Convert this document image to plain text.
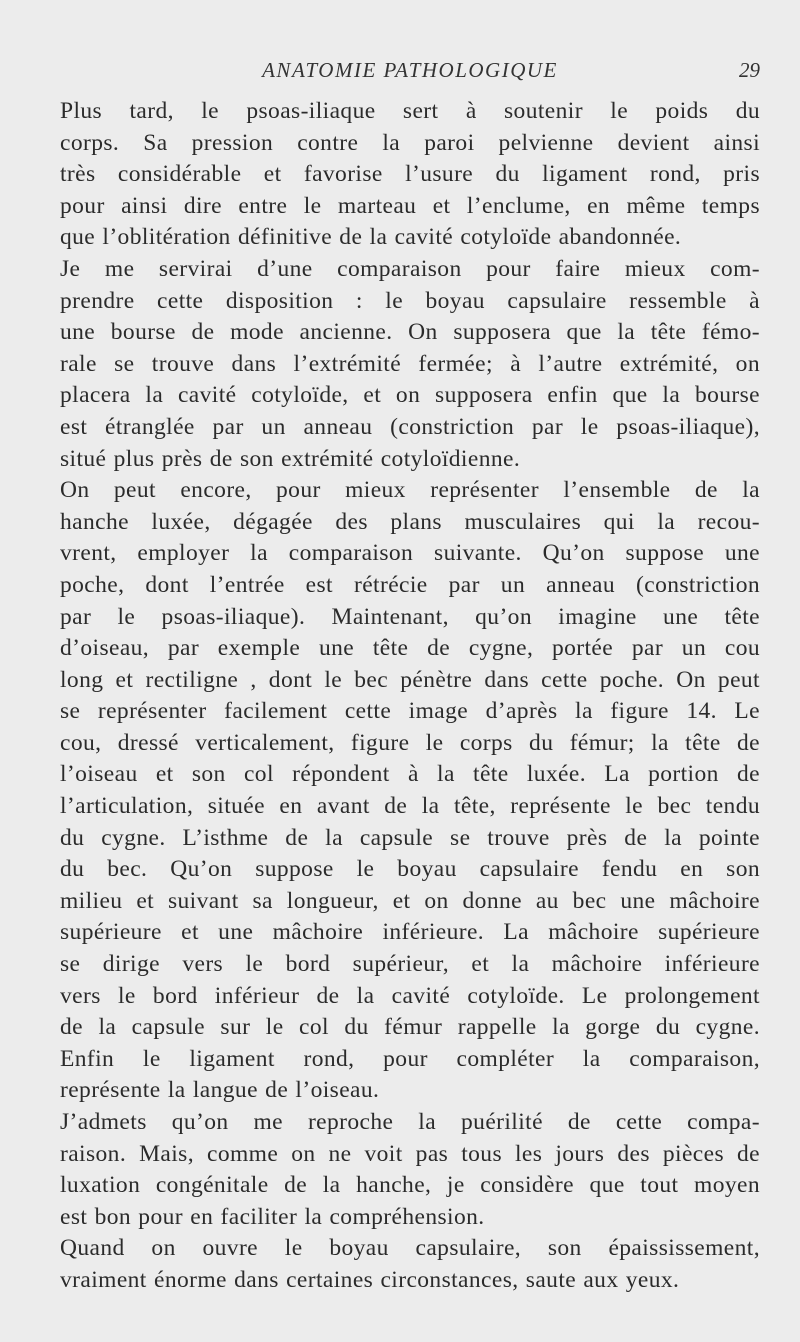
ANATOMIE PATHOLOGIQUE	29

Plus tard, le psoas-iliaque sert à soutenir le poids du
corps. Sa pression contre la paroi pelvienne devient ainsi
très considérable et favorise l’usure du ligament rond, pris
pour ainsi dire entre le marteau et l’enclume, en même temps
que l’oblitération définitive de la cavité cotyloïde abandonnée.

Je me servirai d’une comparaison pour faire mieux com-
prendre cette disposition : le boyau capsulaire ressemble à
une bourse de mode ancienne. On supposera que la tête fémo-
rale se trouve dans l’extrémité fermée; à l’autre extrémité, on
placera la cavité cotyloïde, et on supposera enfin que la bourse
est étranglée par un anneau (constriction par le psoas-iliaque),
situé plus près de son extrémité cotyloïdienne.

On peut encore, pour mieux représenter l’ensemble de la
hanche luxée, dégagée des plans musculaires qui la recou-
vrent, employer la comparaison suivante. Qu’on suppose une
poche, dont l’entrée est rétrécie par un anneau (constriction
par le psoas-iliaque). Maintenant, qu’on imagine une tête
d’oiseau, par exemple une tête de cygne, portée par un cou
long et rectiligne , dont le bec pénètre dans cette poche. On peut
se représenter facilement cette image d’après la figure 14. Le
cou, dressé verticalement, figure le corps du fémur; la tête de
l’oiseau et son col répondent à la tête luxée. La portion de
l’articulation, située en avant de la tête, représente le bec tendu
du cygne. L’isthme de la capsule se trouve près de la pointe
du bec. Qu’on suppose le boyau capsulaire fendu en son
milieu et suivant sa longueur, et on donne au bec une mâchoire
supérieure et une mâchoire inférieure. La mâchoire supérieure
se dirige vers le bord supérieur, et la mâchoire inférieure
vers le bord inférieur de la cavité cotyloïde. Le prolongement
de la capsule sur le col du fémur rappelle la gorge du cygne.
Enfin le ligament rond, pour compléter la comparaison,
représente la langue de l’oiseau.

J’admets qu’on me reproche la puérilité de cette compa-
raison. Mais, comme on ne voit pas tous les jours des pièces de
luxation congénitale de la hanche, je considère que tout moyen
est bon pour en faciliter la compréhension.

Quand on ouvre le boyau capsulaire, son épaississement,
vraiment énorme dans certaines circonstances, saute aux yeux.
